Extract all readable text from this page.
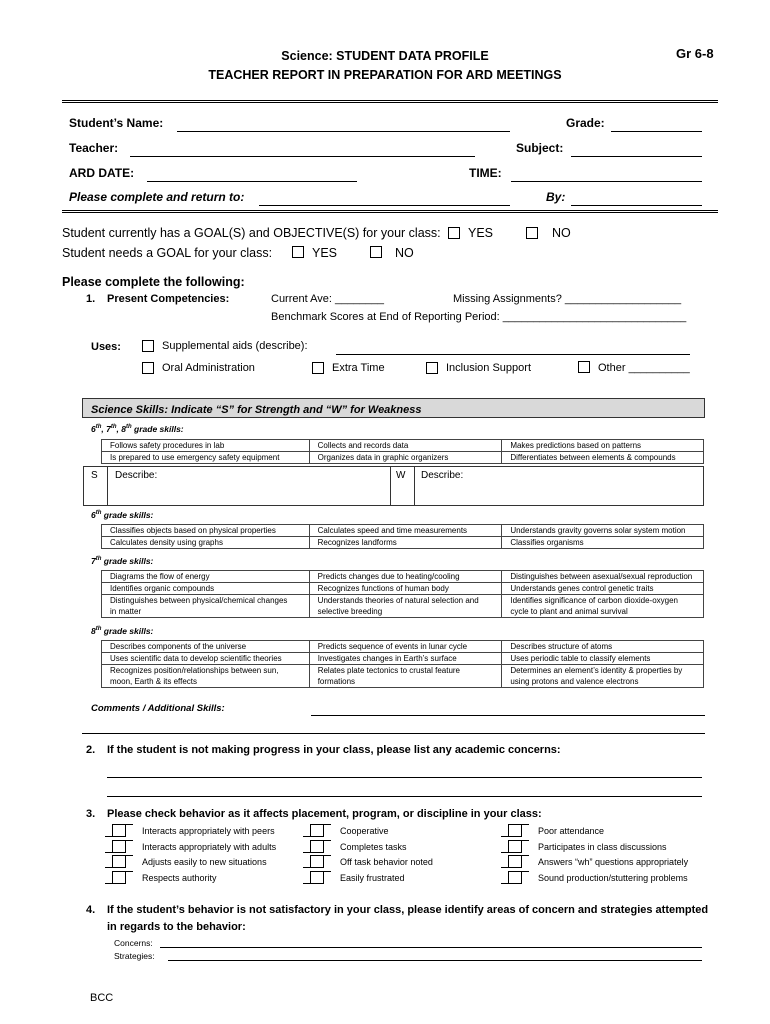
Science: STUDENT DATA PROFILE
TEACHER REPORT IN PREPARATION FOR ARD MEETINGS
Gr 6-8
Student’s Name:	Grade:
Teacher:	Subject:
ARD DATE:	TIME:
Please complete and return to:	By:
Student currently has a GOAL(S) and OBJECTIVE(S) for your class: YES	NO
Student needs a GOAL for your class:	YES	NO
Please complete the following:
1. Present Competencies:	Current Ave: ________	Missing Assignments? ___________________
Benchmark Scores at End of Reporting Period: ______________________________
Uses:	Supplemental aids (describe):
Oral Administration	Extra Time	Inclusion Support	Other __________
Science Skills: Indicate “S” for Strength and “W” for Weakness
6th, 7th, 8th grade skills:
Follows safety procedures in lab	Collects and records data	Makes predictions based on patterns
Is prepared to use emergency safety equipment	Organizes data in graphic organizers	Differentiates between elements & compounds
S Describe:	W Describe:
6th grade skills:
Classifies objects based on physical properties	Calculates speed and time measurements	Understands gravity governs solar system motion
Calculates density using graphs	Recognizes landforms	Classifies organisms
7th grade skills:
Diagrams the flow of energy	Predicts changes due to heating/cooling	Distinguishes between asexual/sexual reproduction
Identifies organic compounds	Recognizes functions of human body	Understands genes control genetic traits
Distinguishes between physical/chemical changes in matter	Understands theories of natural selection and selective breeding	Identifies significance of carbon dioxide-oxygen cycle to plant and animal survival
8th grade skills:
Describes components of the universe	Predicts sequence of events in lunar cycle	Describes structure of atoms
Uses scientific data to develop scientific theories	Investigates changes in Earth’s surface	Uses periodic table to classify elements
Recognizes position/relationships between sun, moon, Earth & its effects	Relates plate tectonics to crustal feature formations	Determines an element’s identity & properties by using protons and valence electrons
Comments / Additional Skills:
2. If the student is not making progress in your class, please list any academic concerns:
3. Please check behavior as it affects placement, program, or discipline in your class:
Interacts appropriately with peers
Interacts appropriately with adults
Adjusts easily to new situations
Respects authority
Cooperative
Completes tasks
Off task behavior noted
Easily frustrated
Poor attendance
Participates in class discussions
Answers “wh” questions appropriately
Sound production/stuttering problems
4. If the student’s behavior is not satisfactory in your class, please identify areas of concern and strategies attempted
in regards to the behavior:
Concerns:
Strategies:
BCC
